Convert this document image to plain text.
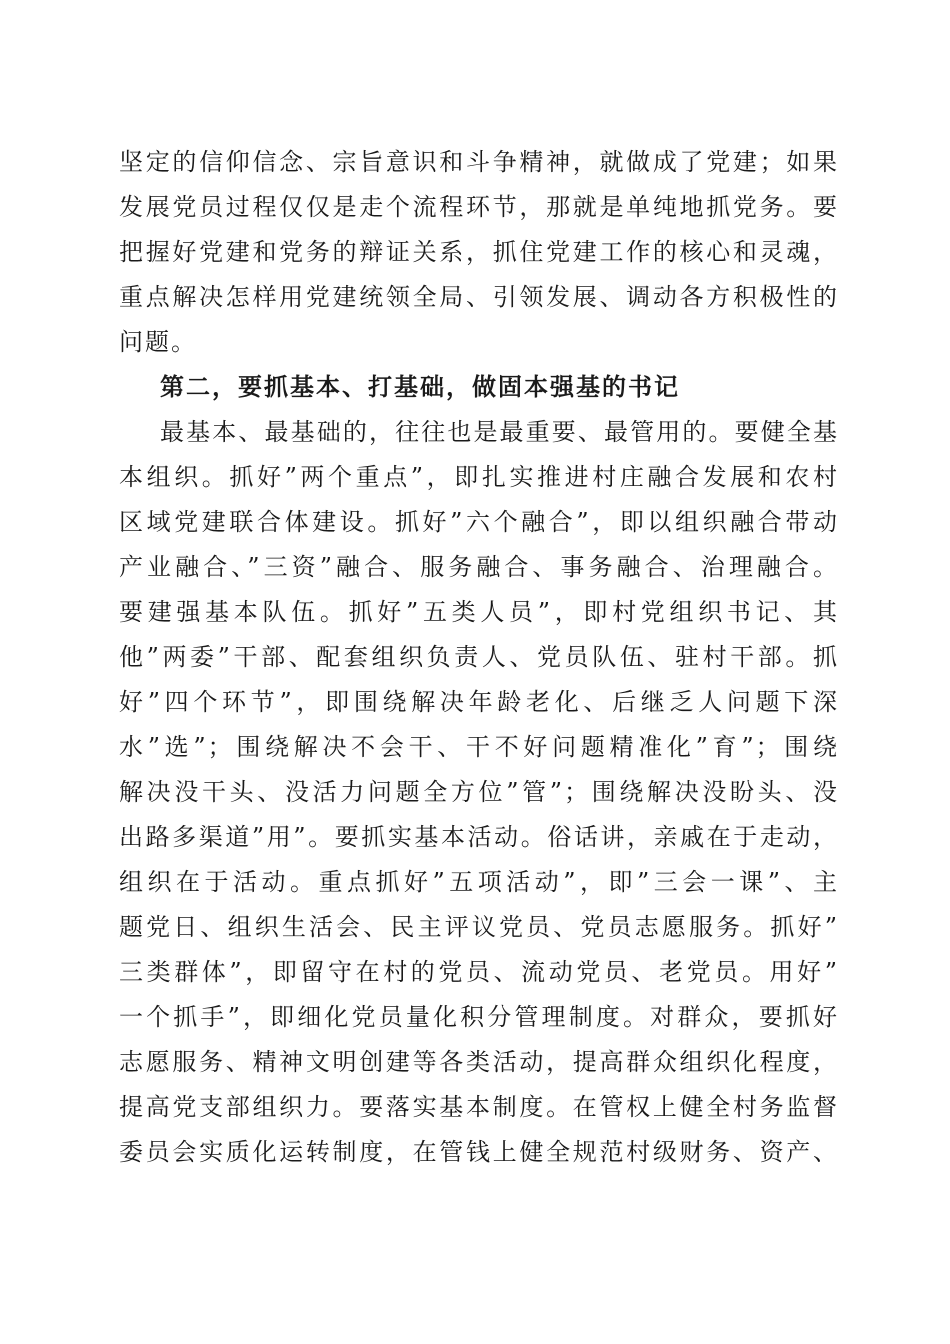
坚定的信仰信念、宗旨意识和斗争精神，就做成了党建；如果
发展党员过程仅仅是走个流程环节，那就是单纯地抓党务。要
把握好党建和党务的辩证关系，抓住党建工作的核心和灵魂，
重点解决怎样用党建统领全局、引领发展、调动各方积极性的
问题。
第二，要抓基本、打基础，做固本强基的书记
最基本、最基础的，往往也是最重要、最管用的。要健全基
本组织。抓好”两个重点”，即扎实推进村庄融合发展和农村
区域党建联合体建设。抓好”六个融合”，即以组织融合带动
产业融合、”三资”融合、服务融合、事务融合、治理融合。
要建强基本队伍。抓好”五类人员”，即村党组织书记、其
他”两委”干部、配套组织负责人、党员队伍、驻村干部。抓
好”四个环节”，即围绕解决年龄老化、后继乏人问题下深
水”选”；围绕解决不会干、干不好问题精准化”育”；围绕
解决没干头、没活力问题全方位”管”；围绕解决没盼头、没
出路多渠道”用”。要抓实基本活动。俗话讲，亲戚在于走动，
组织在于活动。重点抓好”五项活动”，即”三会一课”、主
题党日、组织生活会、民主评议党员、党员志愿服务。抓好”
三类群体”，即留守在村的党员、流动党员、老党员。用好”
一个抓手”，即细化党员量化积分管理制度。对群众，要抓好
志愿服务、精神文明创建等各类活动，提高群众组织化程度，
提高党支部组织力。要落实基本制度。在管权上健全村务监督
委员会实质化运转制度，在管钱上健全规范村级财务、资产、
